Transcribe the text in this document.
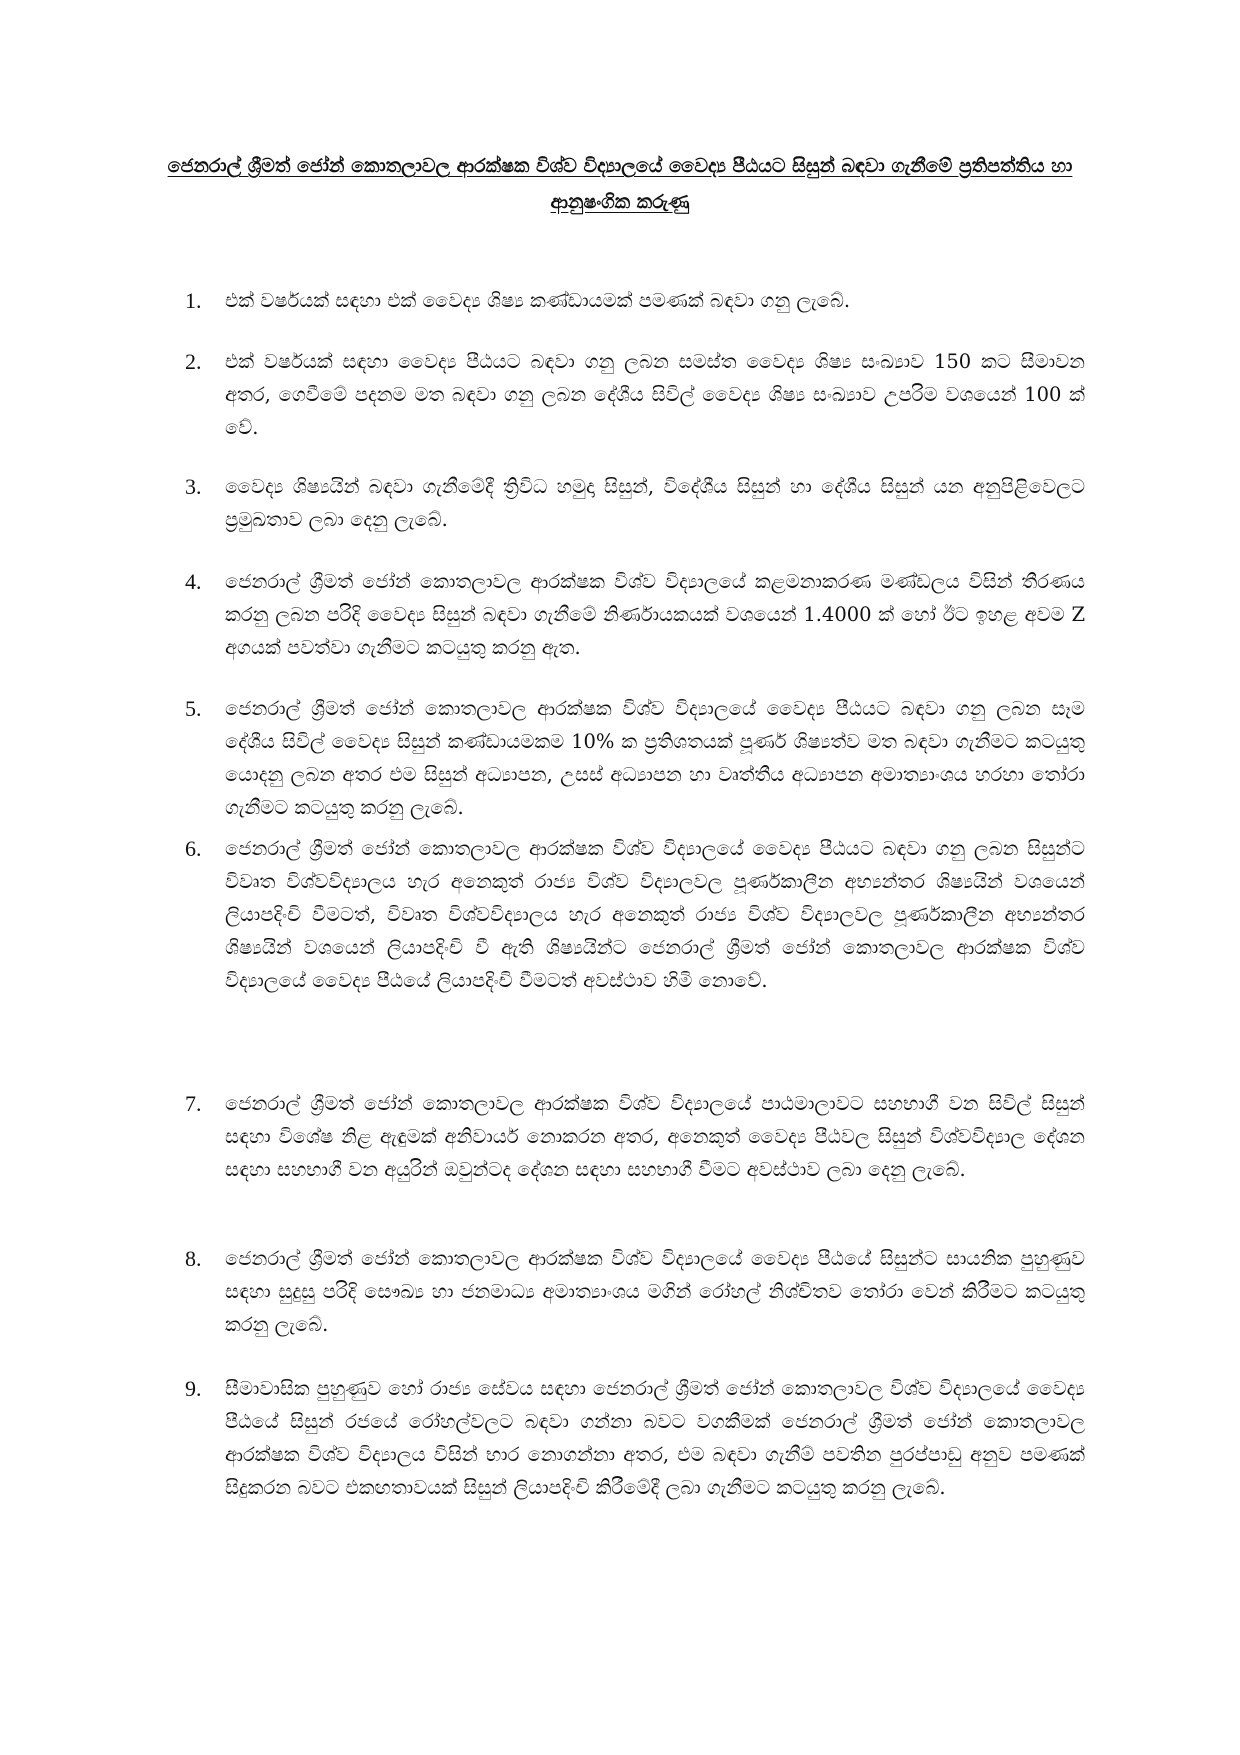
ජෙනරාල් ශ්‍රීමත් ජෝන් කොතලාවල ආරක්ෂක විශ්ව විද්‍යාලයේ වෛද්‍ය පීඨයට සිසුන් බඳවා ගැනීමේ ප්‍රතිපත්තිය හා ආනුෂංගික කරුණු
1.	එක් වර්ෂයක් සඳහා එක් වෛද්‍ය ශිෂ්‍ය කණ්ඩායමක් පමණක් බඳවා ගනු ලැබේ.
2.	එක් වර්ෂයක් සඳහා වෛද්‍ය පීඨයට බඳවා ගනු ලබන සමස්ත වෛද්‍ය ශිෂ්‍ය සංඛ්‍යාව 150 කට සීමාවන අතර, ගෙවීමේ පදනම මත බඳවා ගනු ලබන දේශීය සිවිල් වෛද්‍ය ශිෂ්‍ය සංඛ්‍යාව උපරිම වශයෙන් 100 ක් වේ.
3.	වෛද්‍ය ශිෂ්‍යයින් බඳවා ගැනීමේදී ත්‍රිවිධ හමුදා සිසුන්, විදේශීය සිසුන් හා දේශීය සිසුන් යන අනුපිළිවෙලට ප්‍රමුඛතාව ලබා දෙනු ලැබේ.
4.	ජෙනරාල් ශ්‍රීමත් ජෝන් කොතලාවල ආරක්ෂක විශ්ව විද්‍යාලයේ කළමනාකරණ මණ්ඩලය විසින් තීරණය කරනු ලබන පරිදි වෛද්‍ය සිසුන් බඳවා ගැනීමේ නිර්ණායකයක් වශයෙන් 1.4000 ක් හෝ ඊට ඉහළ අවම Z අගයක් පවත්වා ගැනීමට කටයුතු කරනු ඇත.
5.	ජෙනරාල් ශ්‍රීමත් ජෝන් කොතලාවල ආරක්ෂක විශ්ව විද්‍යාලයේ වෛද්‍ය පීඨයට බඳවා ගනු ලබන සෑම දේශීය සිවිල් වෛද්‍ය සිසුන් කණ්ඩායමකම 10% ක ප්‍රතිශතයක් පූර්ණ ශිෂ්‍යත්ව මත බඳවා ගැනීමට කටයුතු යොදනු ලබන අතර එම සිසුන් අධ්‍යාපන, උසස් අධ්‍යාපන හා වෘත්තීය අධ්‍යාපන අමාත්‍යාංශය හරහා තෝරා ගැනීමට කටයුතු කරනු ලැබේ.
6.	ජෙනරාල් ශ්‍රීමත් ජෝන් කොතලාවල ආරක්ෂක විශ්ව විද්‍යාලයේ වෛද්‍ය පීඨයට බඳවා ගනු ලබන සිසුන්ට විවෘත විශ්වවිද්‍යාලය හැර අනෙකුත් රාජ්‍ය විශ්ව විද්‍යාලවල පූර්ණකාලීන අභ්‍යන්තර ශිෂ්‍යයින් වශයෙන් ලියාපදිංචි වීමටත්, විවෘත විශ්වවිද්‍යාලය හැර අනෙකුත් රාජ්‍ය විශ්ව විද්‍යාලවල පූර්ණකාලීන අභ්‍යන්තර ශිෂ්‍යයින් වශයෙන් ලියාපදිංචි වී ඇති ශිෂ්‍යයින්ට ජෙනරාල් ශ්‍රීමත් ජෝන් කොතලාවල ආරක්ෂක විශ්ව විද්‍යාලයේ වෛද්‍ය පීඨයේ ලියාපදිංචි වීමටත් අවස්ථාව හිමි නොවේ.
7.	ජෙනරාල් ශ්‍රීමත් ජෝන් කොතලාවල ආරක්ෂක විශ්ව විද්‍යාලයේ පාඨමාලාවට සහභාගී වන සිවිල් සිසුන් සඳහා විශේෂ නිළ ඇඳුමක් අනිවාර්ය නොකරන අතර, අනෙකුත් වෛද්‍ය පීඨවල සිසුන් විශ්වවිද්‍යාල දේශන සඳහා සහභාගී වන අයුරින් ඔවුන්ටද දේශන සඳහා සහභාගී වීමට අවස්ථාව ලබා දෙනු ලැබේ.
8.	ජෙනරාල් ශ්‍රීමත් ජෝන් කොතලාවල ආරක්ෂක විශ්ව විද්‍යාලයේ වෛද්‍ය පීඨයේ සිසුන්ට සායනික පුහුණුව සඳහා සුදුසු පරිදි සෞඛ්‍ය හා ජනමාධ්‍ය අමාත්‍යාංශය මගින් රෝහල් නිශ්චිතව තෝරා වෙන් කිරීමට කටයුතු කරනු ලැබේ.
9.	සීමාවාසික පුහුණුව හෝ රාජ්‍ය සේවය සඳහා ජෙනරාල් ශ්‍රීමත් ජෝන් කොතලාවල විශ්ව විද්‍යාලයේ වෛද්‍ය පීඨයේ සිසුන් රජයේ රෝහල්වලට බඳවා ගන්නා බවට වගකීමක් ජෙනරාල් ශ්‍රීමත් ජෝන් කොතලාවල ආරක්ෂක විශ්ව විද්‍යාලය විසින් භාර නොගන්නා අතර, එම බඳවා ගැනීම් පවතින පුරප්පාඩු අනුව පමණක් සිදුකරන බවට එකඟතාවයක් සිසුන් ලියාපදිංචි කිරීමේදී ලබා ගැනීමට කටයුතු කරනු ලැබේ.
